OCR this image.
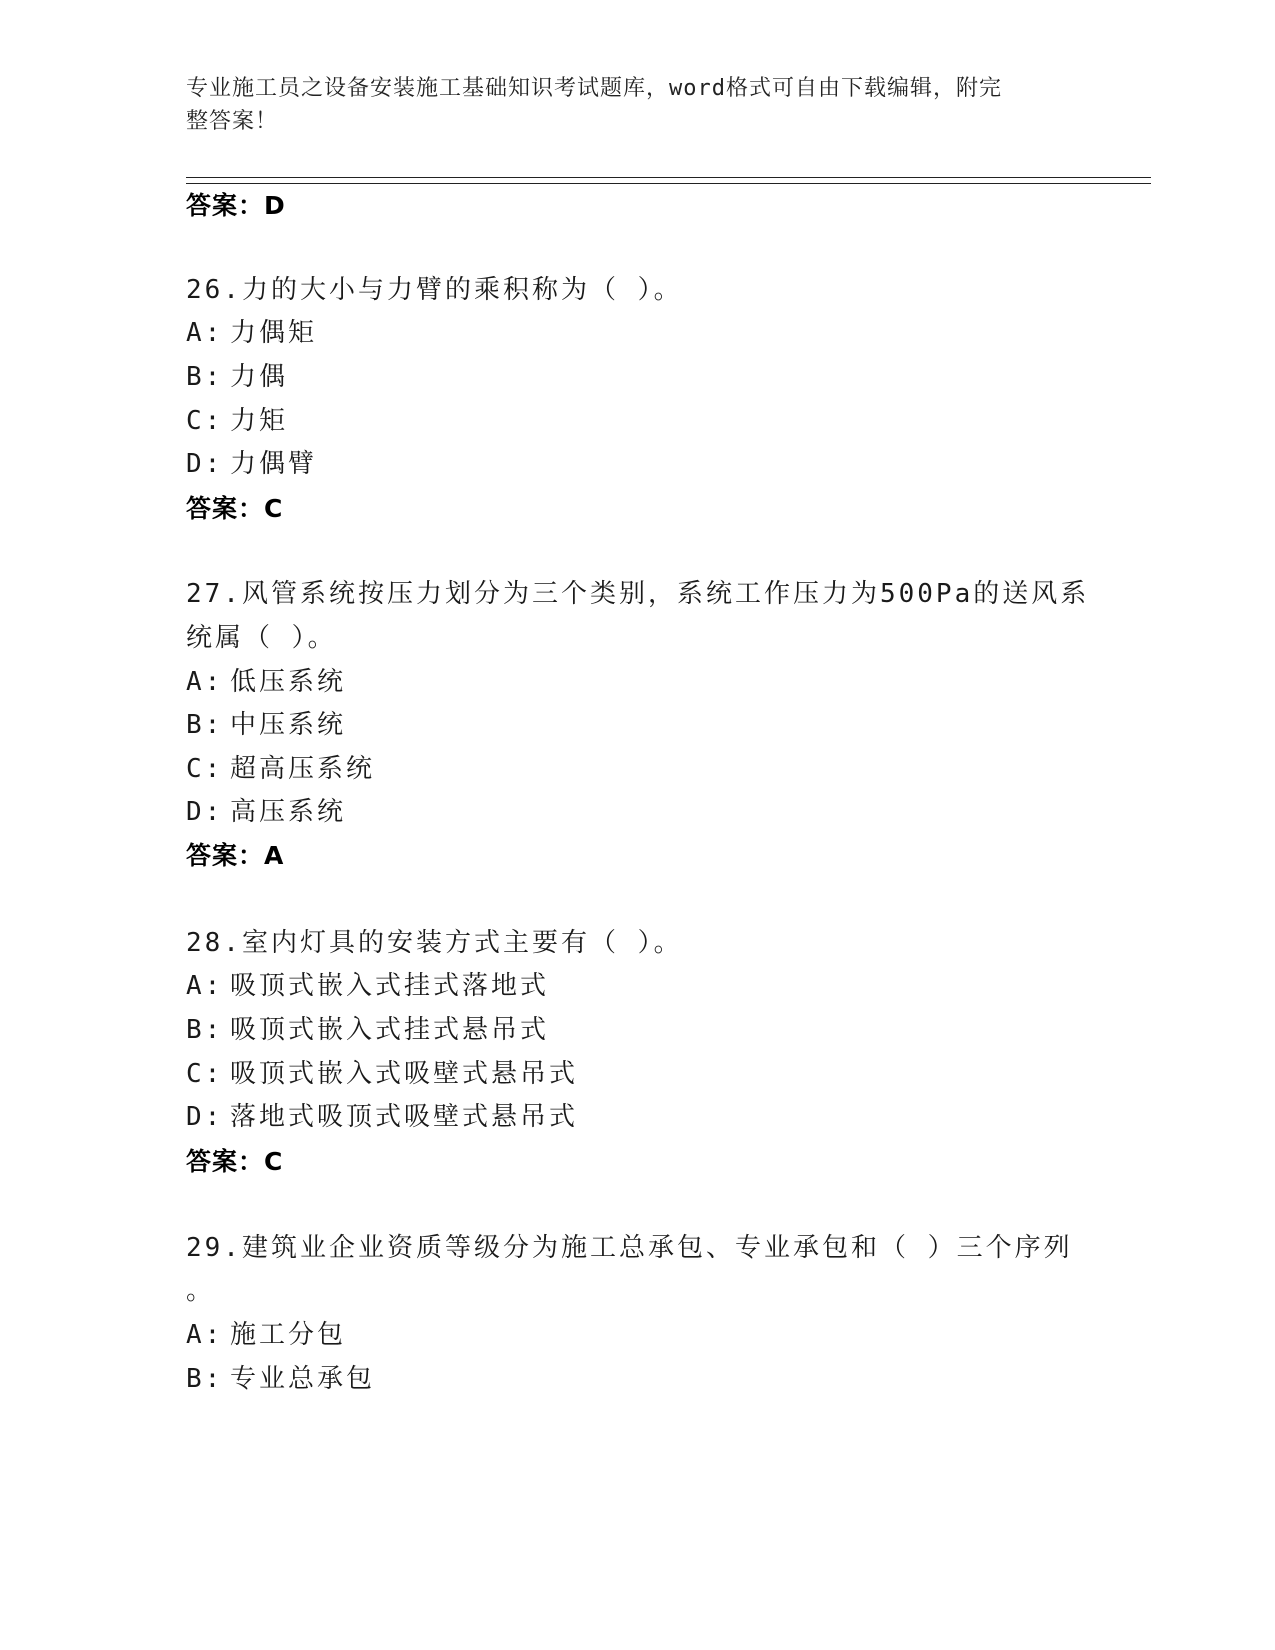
专业施工员之设备安装施工基础知识考试题库，word格式可自由下载编辑，附完
整答案！
答案：D
26.力的大小与力臂的乘积称为（ ）。
A: 力偶矩
B: 力偶
C: 力矩
D: 力偶臂
答案：C
27.风管系统按压力划分为三个类别，系统工作压力为500Pa的送风系
统属（ ）。
A: 低压系统
B: 中压系统
C: 超高压系统
D: 高压系统
答案：A
28.室内灯具的安装方式主要有（ ）。
A: 吸顶式嵌入式挂式落地式
B: 吸顶式嵌入式挂式悬吊式
C: 吸顶式嵌入式吸壁式悬吊式
D: 落地式吸顶式吸壁式悬吊式
答案：C
29.建筑业企业资质等级分为施工总承包、专业承包和（ ）三个序列
。
A: 施工分包
B: 专业总承包
